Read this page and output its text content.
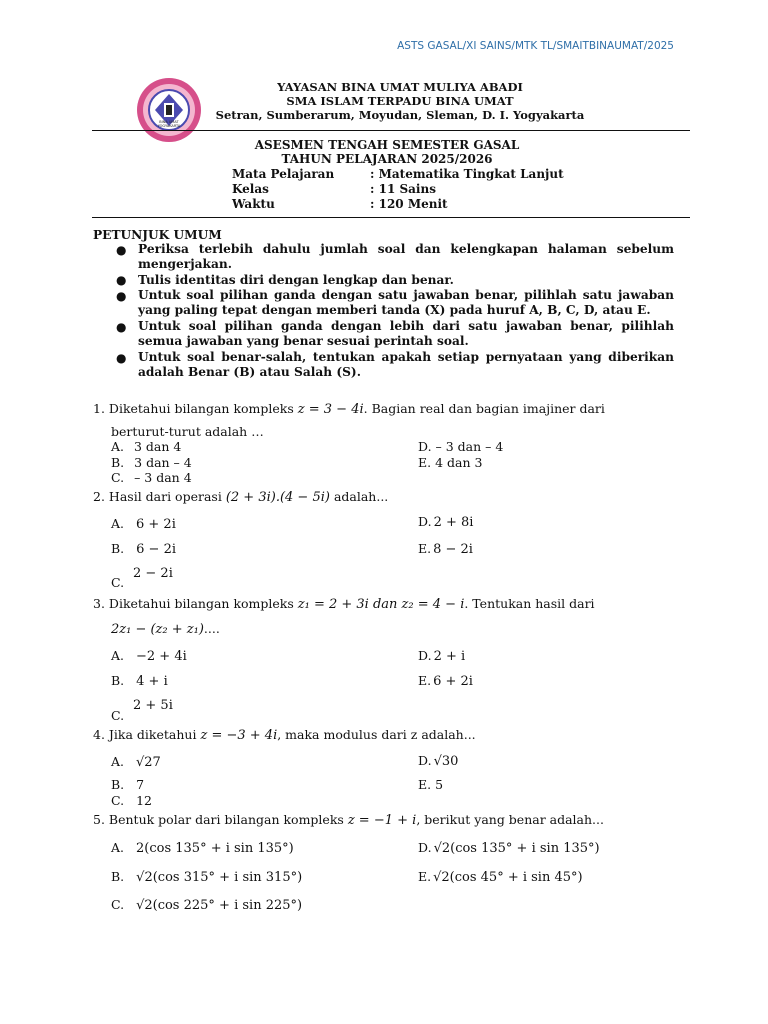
ASTS GASAL/XI SAINS/MTK TL/SMAITBINAUMAT/2025
BINA UMAT
YOGYAKARTA
YAYASAN BINA UMAT MULIYA ABADI
SMA ISLAM TERPADU BINA UMAT
Setran, Sumberarum, Moyudan, Sleman, D. I. Yogyakarta
ASESMEN TENGAH SEMESTER GASAL
TAHUN PELAJARAN 2025/2026
Mata Pelajaran	: Matematika Tingkat Lanjut
Kelas	: 11 Sains
Waktu	: 120 Menit
PETUNJUK UMUM
● Periksa terlebih dahulu jumlah soal dan kelengkapan halaman sebelum mengerjakan.
● Tulis identitas diri dengan lengkap dan benar.
● Untuk soal pilihan ganda dengan satu jawaban benar, pilihlah satu jawaban yang paling tepat dengan memberi tanda (X) pada huruf A, B, C, D, atau E.
● Untuk soal pilihan ganda dengan lebih dari satu jawaban benar, pilihlah semua jawaban yang benar sesuai perintah soal.
● Untuk soal benar-salah, tentukan apakah setiap pernyataan yang diberikan adalah Benar (B) atau Salah (S).
1. Diketahui bilangan kompleks z = 3 − 4i. Bagian real dan bagian imajiner dari
berturut-turut adalah …
A. 3 dan 4
B. 3 dan – 4
C. – 3 dan 4
D. – 3 dan – 4
E. 4 dan 3
2. Hasil dari operasi (2 + 3i).(4 − 5i) adalah...
A. 6 + 2i
B. 6 − 2i
2 − 2i
C.
D. 2 + 8i
E. 8 − 2i
3. Diketahui bilangan kompleks z₁ = 2 + 3i dan z₂ = 4 − i. Tentukan hasil dari
2z₁ − (z₂ + z₁)....
A. −2 + 4i
B. 4 + i
2 + 5i
C.
D. 2 + i
E. 6 + 2i
4. Jika diketahui z = −3 + 4i, maka modulus dari z adalah...
A. √27
B. 7
C. 12
D. √30
E. 5
5. Bentuk polar dari bilangan kompleks z = −1 + i, berikut yang benar adalah...
A. 2(cos 135° + i sin 135°)
B. √2(cos 315° + i sin 315°)
C. √2(cos 225° + i sin 225°)
D. √2(cos 135° + i sin 135°)
E. √2(cos 45° + i sin 45°)
